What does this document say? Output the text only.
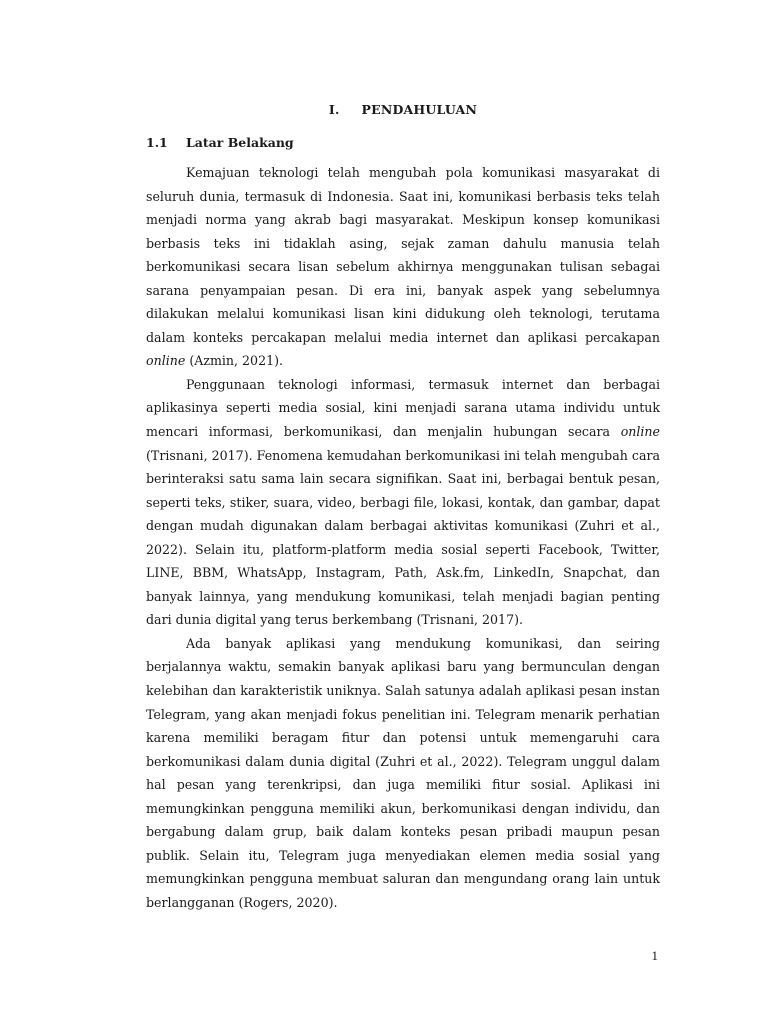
I. PENDAHULUAN
1.1 Latar Belakang

Kemajuan teknologi telah mengubah pola komunikasi masyarakat di seluruh dunia, termasuk di Indonesia. Saat ini, komunikasi berbasis teks telah menjadi norma yang akrab bagi masyarakat. Meskipun konsep komunikasi berbasis teks ini tidaklah asing, sejak zaman dahulu manusia telah berkomunikasi secara lisan sebelum akhirnya menggunakan tulisan sebagai sarana penyampaian pesan. Di era ini, banyak aspek yang sebelumnya dilakukan melalui komunikasi lisan kini didukung oleh teknologi, terutama dalam konteks percakapan melalui media internet dan aplikasi percakapan online (Azmin, 2021).

Penggunaan teknologi informasi, termasuk internet dan berbagai aplikasinya seperti media sosial, kini menjadi sarana utama individu untuk mencari informasi, berkomunikasi, dan menjalin hubungan secara online (Trisnani, 2017). Fenomena kemudahan berkomunikasi ini telah mengubah cara berinteraksi satu sama lain secara signifikan. Saat ini, berbagai bentuk pesan, seperti teks, stiker, suara, video, berbagi file, lokasi, kontak, dan gambar, dapat dengan mudah digunakan dalam berbagai aktivitas komunikasi (Zuhri et al., 2022). Selain itu, platform-platform media sosial seperti Facebook, Twitter, LINE, BBM, WhatsApp, Instagram, Path, Ask.fm, LinkedIn, Snapchat, dan banyak lainnya, yang mendukung komunikasi, telah menjadi bagian penting dari dunia digital yang terus berkembang (Trisnani, 2017).

Ada banyak aplikasi yang mendukung komunikasi, dan seiring berjalannya waktu, semakin banyak aplikasi baru yang bermunculan dengan kelebihan dan karakteristik uniknya. Salah satunya adalah aplikasi pesan instan Telegram, yang akan menjadi fokus penelitian ini. Telegram menarik perhatian karena memiliki beragam fitur dan potensi untuk memengaruhi cara berkomunikasi dalam dunia digital (Zuhri et al., 2022). Telegram unggul dalam hal pesan yang terenkripsi, dan juga memiliki fitur sosial. Aplikasi ini memungkinkan pengguna memiliki akun, berkomunikasi dengan individu, dan bergabung dalam grup, baik dalam konteks pesan pribadi maupun pesan publik. Selain itu, Telegram juga menyediakan elemen media sosial yang memungkinkan pengguna membuat saluran dan mengundang orang lain untuk berlangganan (Rogers, 2020).

1
